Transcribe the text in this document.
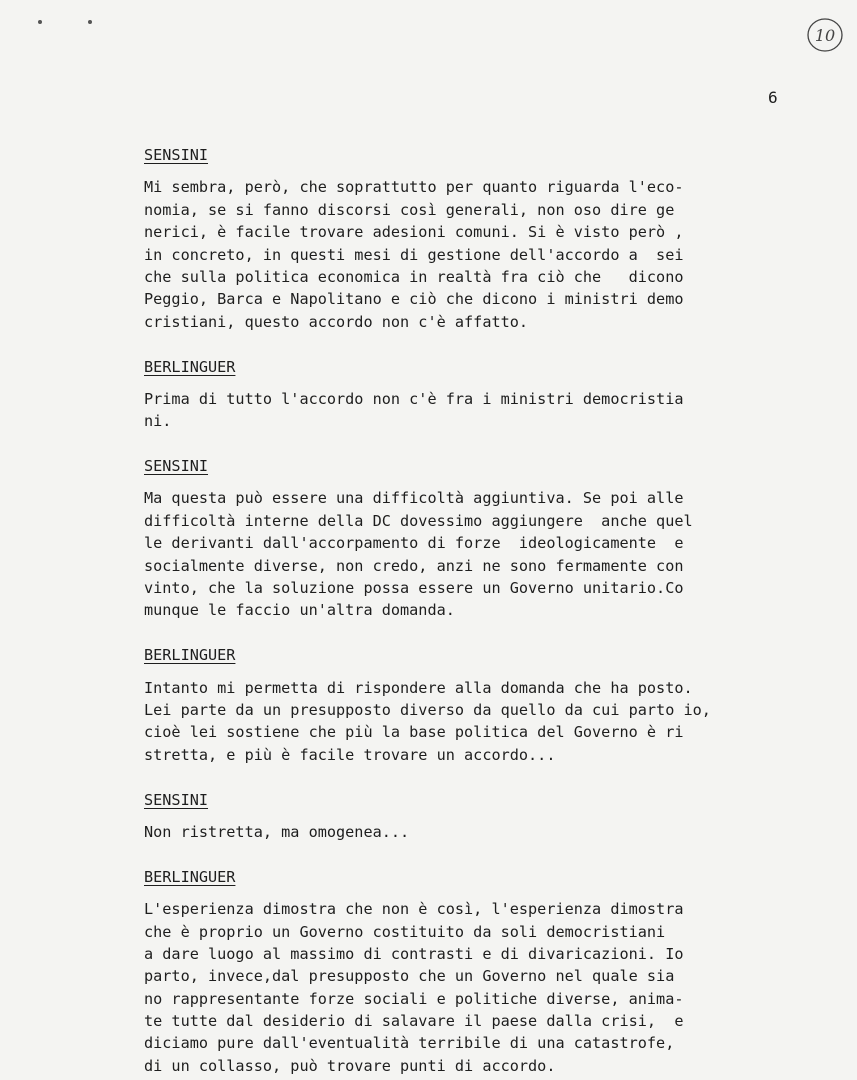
10
6
SENSINI
Mi sembra, però, che soprattutto per quanto riguarda l'eco-
nomia, se si fanno discorsi così generali, non oso dire ge
nerici, è facile trovare adesioni comuni. Si è visto però ,
in concreto, in questi mesi di gestione dell'accordo a  sei
che sulla politica economica in realtà fra ciò che   dicono
Peggio, Barca e Napolitano e ciò che dicono i ministri demo
cristiani, questo accordo non c'è affatto.
BERLINGUER
Prima di tutto l'accordo non c'è fra i ministri democristia
ni.
SENSINI
Ma questa può essere una difficoltà aggiuntiva. Se poi alle
difficoltà interne della DC dovessimo aggiungere  anche quel
le derivanti dall'accorpamento di forze  ideologicamente  e
socialmente diverse, non credo, anzi ne sono fermamente con
vinto, che la soluzione possa essere un Governo unitario.Co
munque le faccio un'altra domanda.
BERLINGUER
Intanto mi permetta di rispondere alla domanda che ha posto.
Lei parte da un presupposto diverso da quello da cui parto io,
cioè lei sostiene che più la base politica del Governo è ri
stretta, e più è facile trovare un accordo...
SENSINI
Non ristretta, ma omogenea...
BERLINGUER
L'esperienza dimostra che non è così, l'esperienza dimostra
che è proprio un Governo costituito da soli democristiani
a dare luogo al massimo di contrasti e di divaricazioni. Io
parto, invece,dal presupposto che un Governo nel quale sia
no rappresentante forze sociali e politiche diverse, anima-
te tutte dal desiderio di salavare il paese dalla crisi,  e
diciamo pure dall'eventualità terribile di una catastrofe,
di un collasso, può trovare punti di accordo.
